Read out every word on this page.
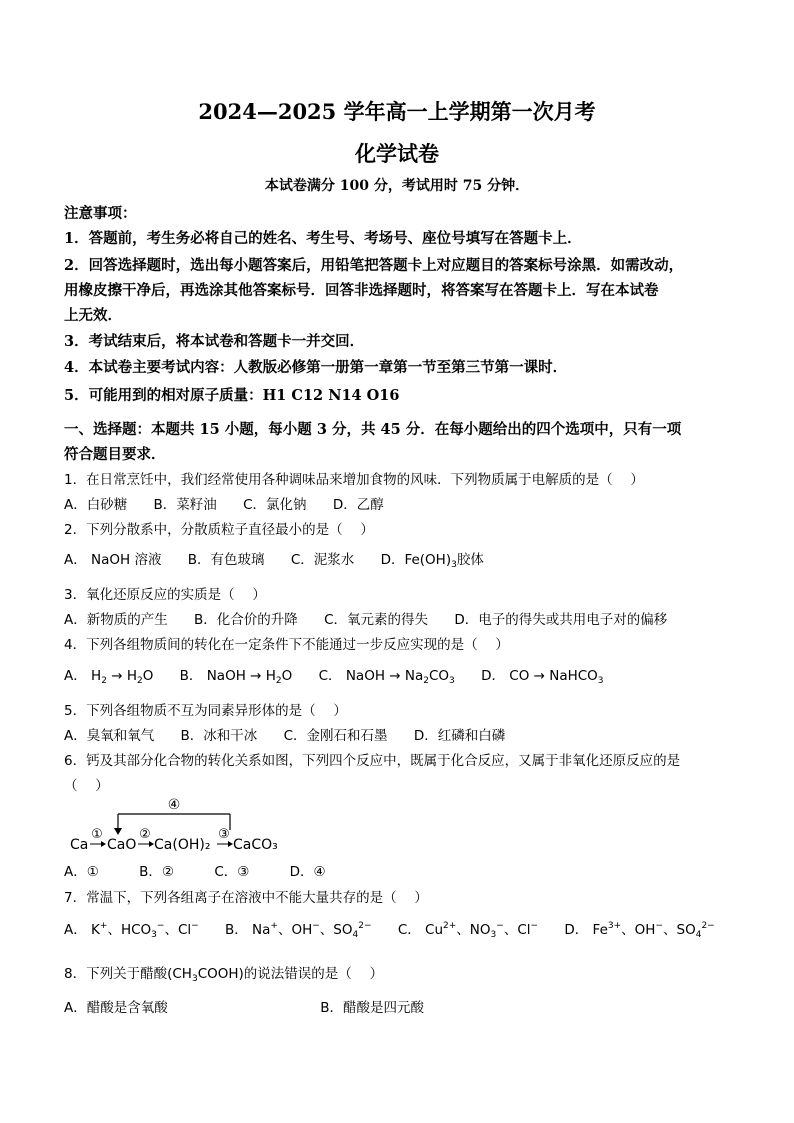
2024—2025 学年高一上学期第一次月考
化学试卷
本试卷满分 100 分，考试用时 75 分钟．
注意事项：
1．答题前，考生务必将自己的姓名、考生号、考场号、座位号填写在答题卡上．
2．回答选择题时，选出每小题答案后，用铅笔把答题卡上对应题目的答案标号涂黑．如需改动，
用橡皮擦干净后，再选涂其他答案标号．回答非选择题时，将答案写在答题卡上．写在本试卷
上无效．
3．考试结束后，将本试卷和答题卡一并交回．
4．本试卷主要考试内容：人教版必修第一册第一章第一节至第三节第一课时．
5．可能用到的相对原子质量：H1 C12 N14 O16
一、选择题：本题共 15 小题，每小题 3 分，共 45 分．在每小题给出的四个选项中，只有一项
符合题目要求．
1．在日常烹饪中，我们经常使用各种调味品来增加食物的风味．下列物质属于电解质的是（　 ）
A．白砂糖 B．菜籽油 C．氯化钠 D．乙醇
2．下列分散系中，分散质粒子直径最小的是（　 ）
A． NaOH 溶液 B．有色玻璃 C．泥浆水 D．$Fe(OH)_3$胶体
3．氧化还原反应的实质是（　 ）
A．新物质的产生 B．化合价的升降 C．氧元素的得失 D．电子的得失或共用电子对的偏移
4．下列各组物质间的转化在一定条件下不能通过一步反应实现的是（　 ）
A． $H_2 \to H_2O$ B． NaOH → $H_2O$ C． NaOH → $Na_2CO_3$ D． CO → NaHCO$_3$
5．下列各组物质不互为同素异形体的是（　 ）
A．臭氧和氧气 B．冰和干冰 C．金刚石和石墨 D．红磷和白磷
6．钙及其部分化合物的转化关系如图，下列四个反应中，既属于化合反应，又属于非氧化还原反应的是
（　 ）
④
Ca
①
CaO
②
Ca(OH)₂
③
CaCO₃
A．①	B．②	C．③	D．④
7．常温下，下列各组离子在溶液中不能大量共存的是（　 ）
A． K+、$HCO_3^-$、Cl− B． Na+、OH−、$SO_4^{2-}$ C． $Cu^{2+}$、$NO_3^-$、Cl− D． $Fe^{3+}$、OH−、$SO_4^{2-}$
8．下列关于醋酸$(CH_3COOH)$的说法错误的是（　 ）
A．醋酸是含氧酸	B．醋酸是四元酸
